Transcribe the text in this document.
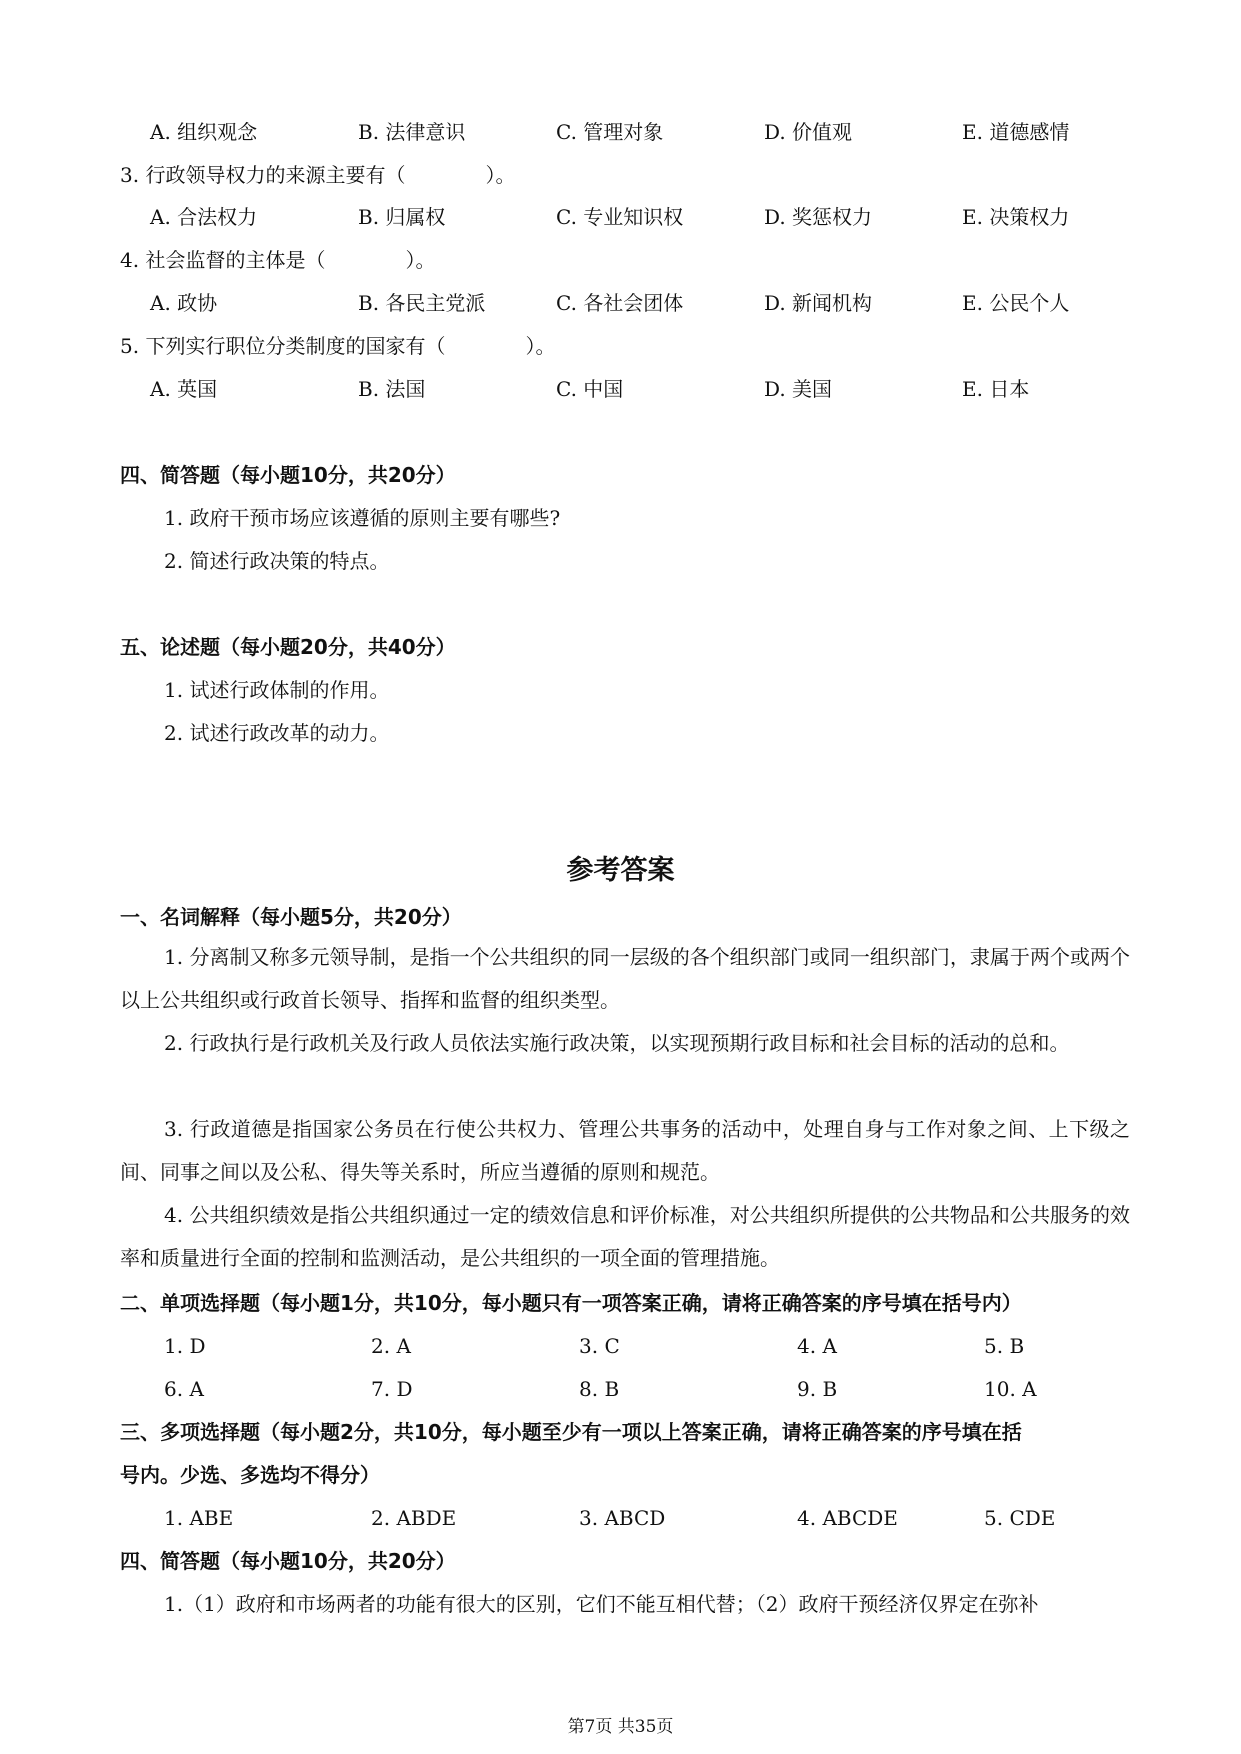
A. 组织观念	B. 法律意识	C. 管理对象	D. 价值观	E. 道德感情
3. 行政领导权力的来源主要有（　　　　）。
A. 合法权力	B. 归属权	C. 专业知识权	D. 奖惩权力	E. 决策权力
4. 社会监督的主体是（　　　　）。
A. 政协	B. 各民主党派	C. 各社会团体	D. 新闻机构	E. 公民个人
5. 下列实行职位分类制度的国家有（　　　　）。
A. 英国	B. 法国	C. 中国	D. 美国	E. 日本
四、简答题（每小题10分，共20分）
1. 政府干预市场应该遵循的原则主要有哪些?
2. 简述行政决策的特点。
五、论述题（每小题20分，共40分）
1. 试述行政体制的作用。
2. 试述行政改革的动力。
参考答案
一、名词解释（每小题5分，共20分）
1. 分离制又称多元领导制，是指一个公共组织的同一层级的各个组织部门或同一组织部门，隶属于两个或两个以上公共组织或行政首长领导、指挥和监督的组织类型。
2. 行政执行是行政机关及行政人员依法实施行政决策，以实现预期行政目标和社会目标的活动的总和。
3. 行政道德是指国家公务员在行使公共权力、管理公共事务的活动中，处理自身与工作对象之间、上下级之间、同事之间以及公私、得失等关系时，所应当遵循的原则和规范。
4. 公共组织绩效是指公共组织通过一定的绩效信息和评价标准，对公共组织所提供的公共物品和公共服务的效率和质量进行全面的控制和监测活动，是公共组织的一项全面的管理措施。
二、单项选择题（每小题1分，共10分，每小题只有一项答案正确，请将正确答案的序号填在括号内）
1. D	2. A	3. C	4. A	5. B
6. A	7. D	8. B	9. B	10. A
三、多项选择题（每小题2分，共10分，每小题至少有一项以上答案正确，请将正确答案的序号填在括
号内。少选、多选均不得分）
1. ABE	2. ABDE	3. ABCD	4. ABCDE	5. CDE
四、简答题（每小题10分，共20分）
1.（1）政府和市场两者的功能有很大的区别，它们不能互相代替；（2）政府干预经济仅界定在弥补
第7页 共35页
